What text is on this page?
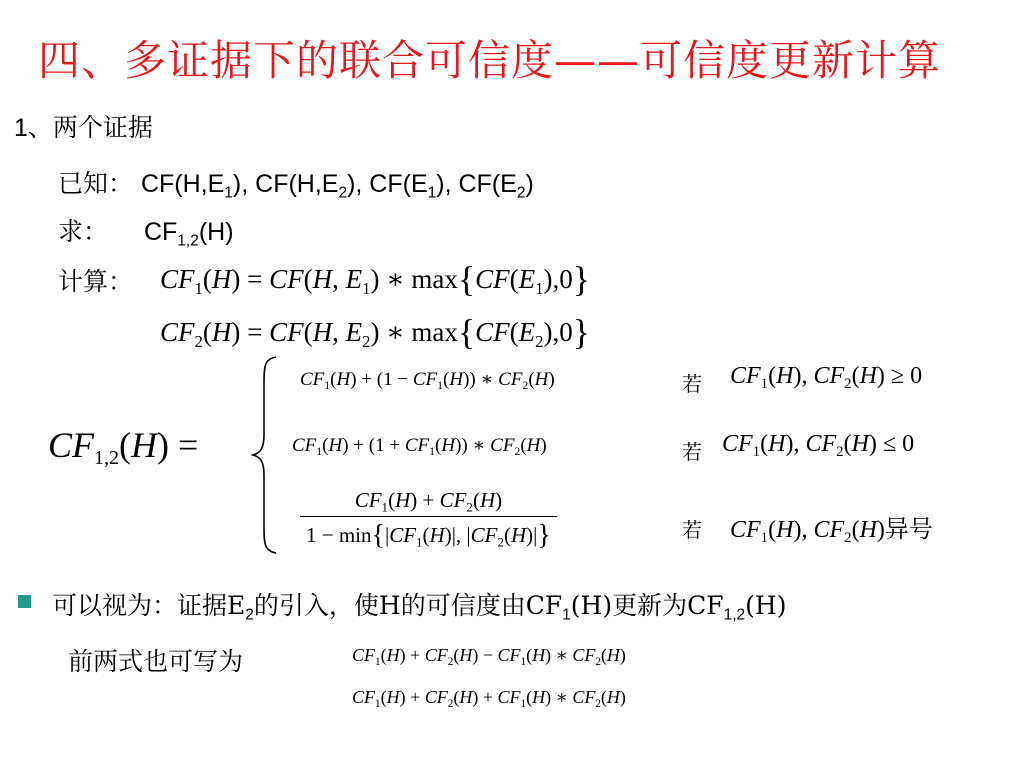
四、多证据下的联合可信度——可信度更新计算
1、两个证据
已知： $CF(H,E_1)$, $CF(H,E_2)$, $CF(E_1)$, $CF(E_2)$
求： $CF_{1,2}(H)$
计算： $CF_1(H) = CF(H$, $E_1$) ∗ $\max\{CF(E_1),0\}$
$CF_2(H) = CF(H$, $E_2$) ∗ $\max\{CF(E_2),0\}$
$CF_{1,2}(H)$ =
$CF_1(H) + (1 - CF_1(H))$ ∗ $CF_2(H)$	若 $CF_1(H)$, $CF_2(H) \ge 0$
$CF_1(H) + (1 + CF_1(H))$ ∗ $CF_2(H)$	若 $CF_1(H)$, $CF_2(H) \le 0$
$\frac{CF_1(H) + CF_2(H)}{1 - \min\{|CF_1(H)|, |CF_2(H)|\}}$	若 $CF_1(H)$, $CF_2(H)$异号
可以视为：证据$E_2$的引入，使H的可信度由$CF_1(H)$更新为$CF_{1,2}(H)$
前两式也可写为	$CF_1(H) + CF_2(H) - CF_1(H)$ ∗ $CF_2(H)$
$CF_1(H) + CF_2(H) + CF_1(H)$ ∗ $CF_2(H)$
